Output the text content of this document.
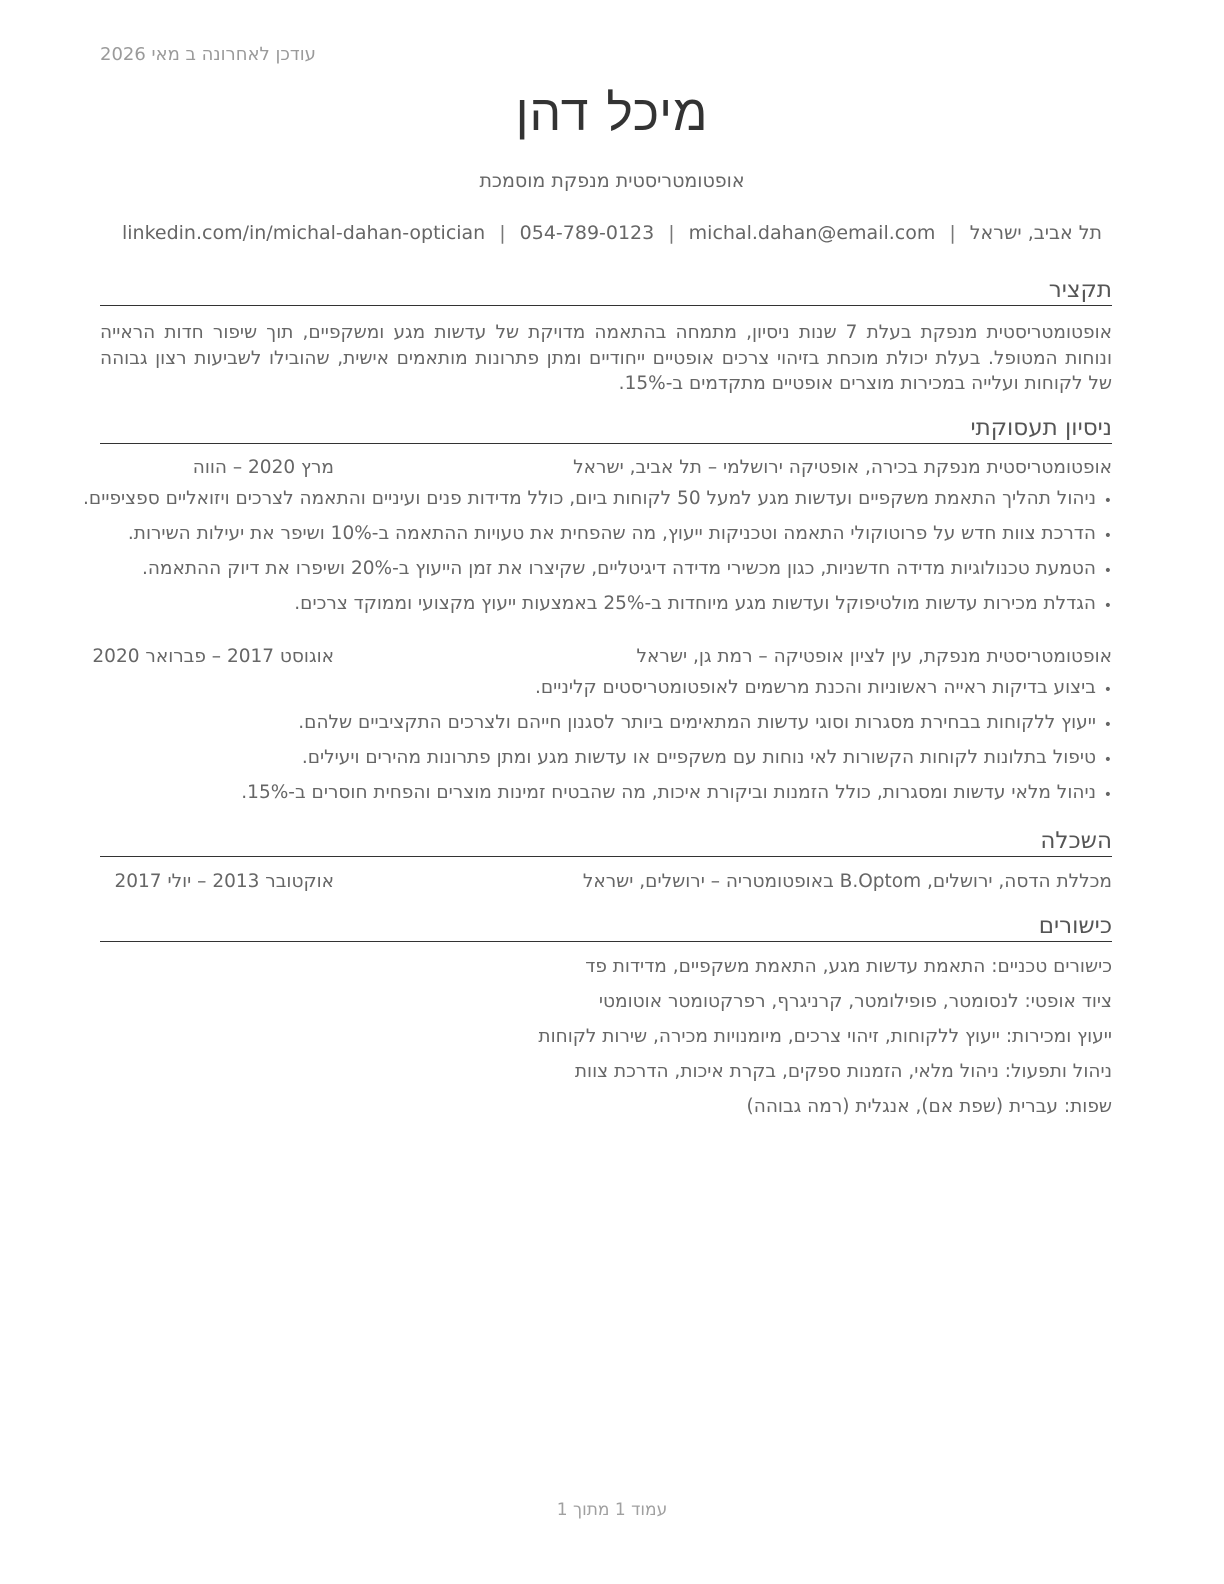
עודכן לאחרונה ב מאי 2026
מיכל דהן
אופטומטריסטית מנפקת מוסמכת
תל אביב, ישראל|michal.dahan@email.com|054-789-0123|linkedin.com/in/michal-dahan-optician
תקציר
אופטומטריסטית מנפקת בעלת 7 שנות ניסיון, מתמחה בהתאמה מדויקת של עדשות מגע ומשקפיים, תוך שיפור חדות הראייה ונוחות המטופל. בעלת יכולת מוכחת בזיהוי צרכים אופטיים ייחודיים ומתן פתרונות מותאמים אישית, שהובילו לשביעות רצון גבוהה של לקוחות ועלייה במכירות מוצרים אופטיים מתקדמים ב-15%.
ניסיון תעסוקתי
אופטומטריסטית מנפקת בכירה, אופטיקה ירושלמי – תל אביב, ישראל
מרץ 2020 – הווה
•
ניהול תהליך התאמת משקפיים ועדשות מגע למעל 50 לקוחות ביום, כולל מדידות פנים ועיניים והתאמה לצרכים ויזואליים ספציפיים.
•
הדרכת צוות חדש על פרוטוקולי התאמה וטכניקות ייעוץ, מה שהפחית את טעויות ההתאמה ב-10% ושיפר את יעילות השירות.
•
הטמעת טכנולוגיות מדידה חדשניות, כגון מכשירי מדידה דיגיטליים, שקיצרו את זמן הייעוץ ב-20% ושיפרו את דיוק ההתאמה.
•
הגדלת מכירות עדשות מולטיפוקל ועדשות מגע מיוחדות ב-25% באמצעות ייעוץ מקצועי וממוקד צרכים.
אופטומטריסטית מנפקת, עין לציון אופטיקה – רמת גן, ישראל
אוגוסט 2017 – פברואר 2020
•
ביצוע בדיקות ראייה ראשוניות והכנת מרשמים לאופטומטריסטים קליניים.
•
ייעוץ ללקוחות בבחירת מסגרות וסוגי עדשות המתאימים ביותר לסגנון חייהם ולצרכים התקציביים שלהם.
•
טיפול בתלונות לקוחות הקשורות לאי נוחות עם משקפיים או עדשות מגע ומתן פתרונות מהירים ויעילים.
•
ניהול מלאי עדשות ומסגרות, כולל הזמנות וביקורת איכות, מה שהבטיח זמינות מוצרים והפחית חוסרים ב-15%.
השכלה
מכללת הדסה, ירושלים, B.Optom באופטומטריה – ירושלים, ישראל
אוקטובר 2013 – יולי 2017
כישורים
כישורים טכניים: התאמת עדשות מגע, התאמת משקפיים, מדידות פד
ציוד אופטי: לנסומטר, פופילומטר, קרניגרף, רפרקטומטר אוטומטי
ייעוץ ומכירות: ייעוץ ללקוחות, זיהוי צרכים, מיומנויות מכירה, שירות לקוחות
ניהול ותפעול: ניהול מלאי, הזמנות ספקים, בקרת איכות, הדרכת צוות
שפות: עברית (שפת אם), אנגלית (רמה גבוהה)
עמוד 1 מתוך 1
